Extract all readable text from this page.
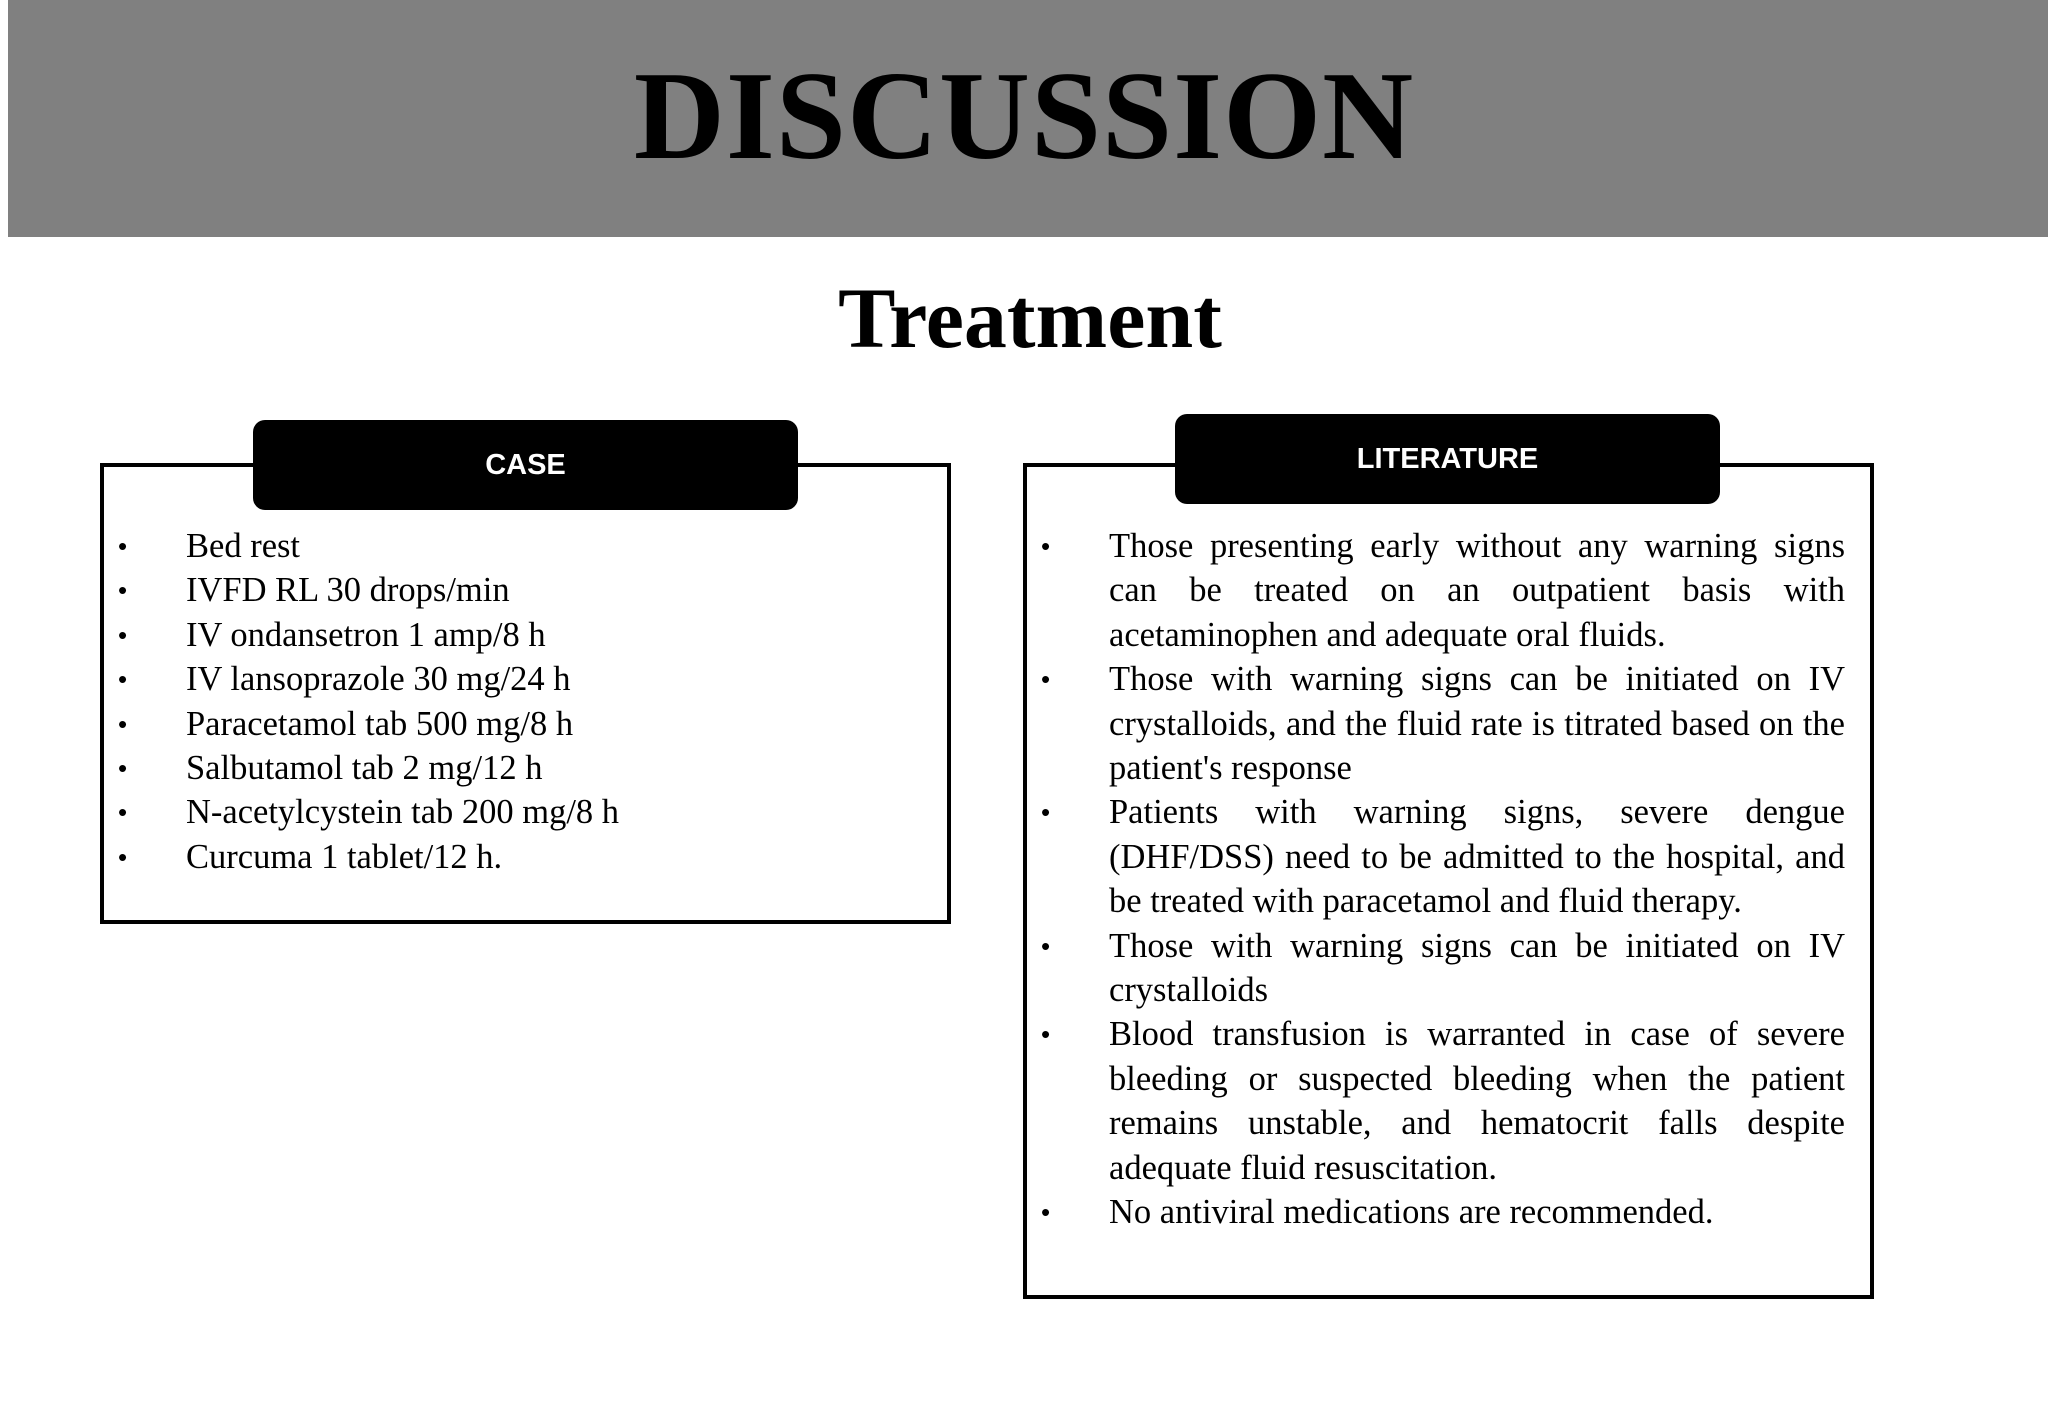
DISCUSSION
Treatment
•	Bed rest
•	IVFD RL 30 drops/min
•	IV ondansetron 1 amp/8 h
•	IV lansoprazole 30 mg/24 h
•	Paracetamol tab 500 mg/8 h
•	Salbutamol tab 2 mg/12 h
•	N-acetylcystein tab 200 mg/8 h
•	Curcuma 1 tablet/12 h.
CASE
•	Those presenting early without any warning signs can be treated on an outpatient basis with acetaminophen and adequate oral fluids.
•	Those with warning signs can be initiated on IV crystalloids, and the fluid rate is titrated based on the patient's response
•	Patients with warning signs, severe dengue (DHF/DSS) need to be admitted to the hospital, and be treated with paracetamol and fluid therapy.
•	Those with warning signs can be initiated on IV crystalloids
•	Blood transfusion is warranted in case of severe bleeding or suspected bleeding when the patient remains unstable, and hematocrit falls despite adequate fluid resuscitation.
•	No antiviral medications are recommended.
LITERATURE
